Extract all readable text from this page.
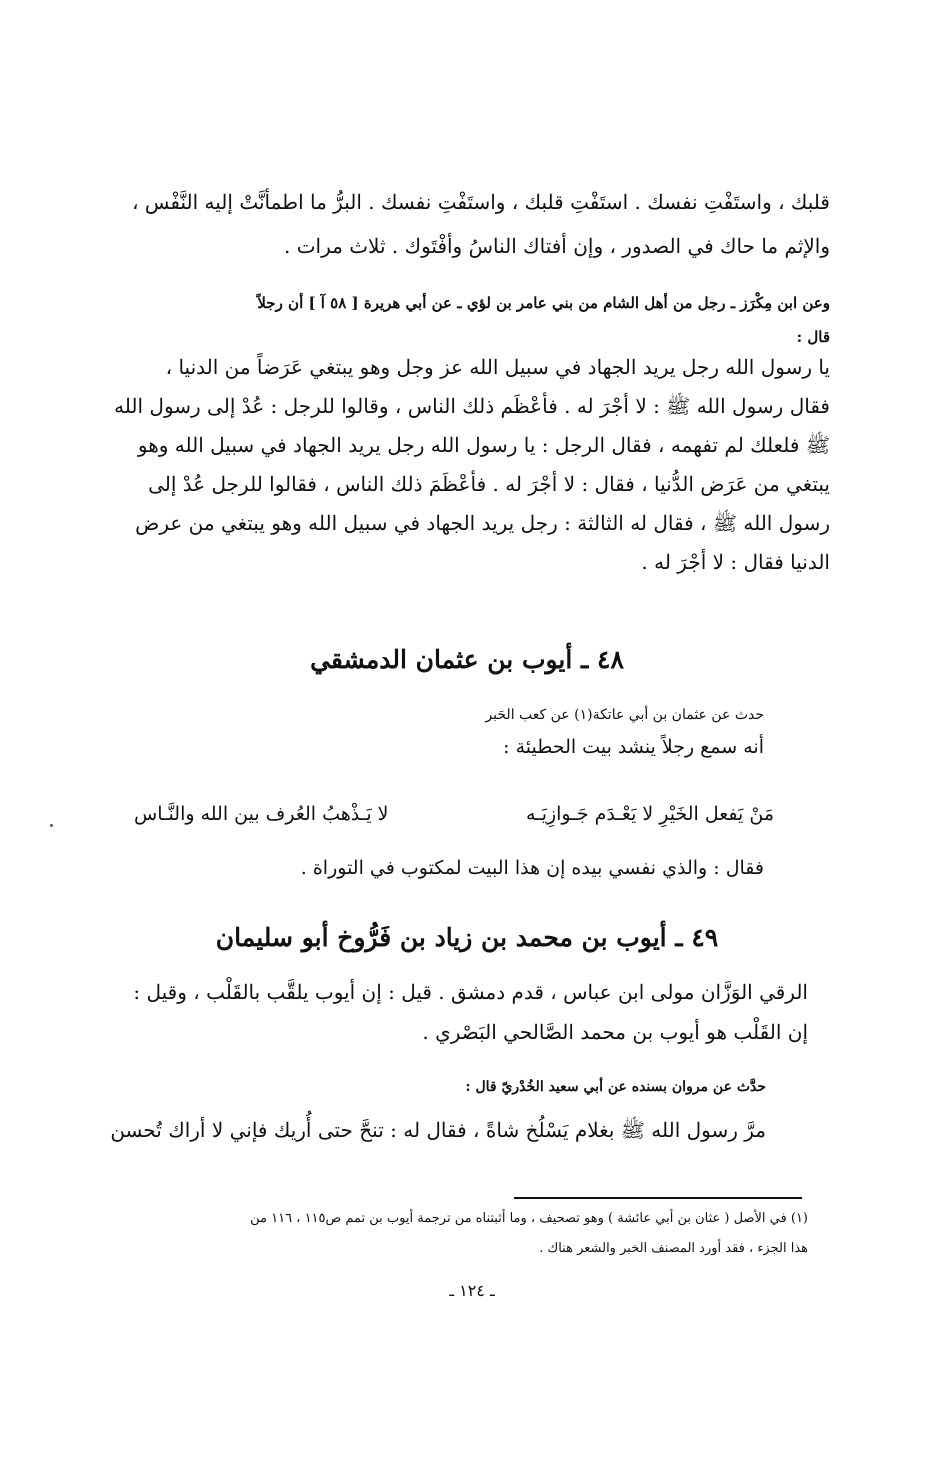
قلبك ، واستَفْتِ نفسك . استَفْتِ قلبك ، واستَفْتِ نفسك . البرُّ ما اطمأنَّتْ إليه النَّفْس ،
والإثم ما حاك في الصدور ، وإن أفتاك الناسُ وأفْتَوك . ثلاث مرات .
وعن ابن مِكْرَز ـ رجل من أهل الشام من بني عامر بن لؤي ـ عن أبي هريرة [ ٥٨ آ ] أن رجلاً
قال :
يا رسول الله رجل يريد الجهاد في سبيل الله عز وجل وهو يبتغي عَرَضاً من الدنيا ،
فقال رسول الله ﷺ : لا أجْرَ له . فأعْظَم ذلك الناس ، وقالوا للرجل : عُدْ إلى رسول الله
ﷺ فلعلك لم تفهمه ، فقال الرجل : يا رسول الله رجل يريد الجهاد في سبيل الله وهو
يبتغي من عَرَض الدُّنيا ، فقال : لا أجْرَ له . فأعْظَمَ ذلك الناس ، فقالوا للرجل عُدْ إلى
رسول الله ﷺ ، فقال له الثالثة : رجل يريد الجهاد في سبيل الله وهو يبتغي من عرض
الدنيا فقال : لا أجْرَ له .
٤٨ ـ أيوب بن عثمان الدمشقي
حدث عن عثمان بن أبي عاتكة(١) عن كعب الحَبر
أنه سمع رجلاً ينشد بيت الحطيئة :
مَنْ يَفعل الخَيْرِ لا يَعْـدَم جَـوازِيَـه
لا يَـذْهبُ العُرف بين الله والنَّـاس
فقال : والذي نفسي بيده إن هذا البيت لمكتوب في التوراة .
٤٩ ـ أيوب بن محمد بن زياد بن فَرُّوخ أبو سليمان
الرقي الوَزَّان مولى ابن عباس ، قدم دمشق . قيل : إن أيوب يلقَّب بالقَلْب ، وقيل :
إن القَلْب هو أيوب بن محمد الصَّالحي البَصْري .
حدَّث عن مروان بسنده عن أبي سعيد الخُدْريّ قال :
مرَّ رسول الله ﷺ بغلام يَسْلُخ شاةً ، فقال له : تنحَّ حتى أُريك فإني لا أراك تُحسن
(١) في الأصل ( عثان بن أبي عائشة ) وهو تصحيف ، وما أثبتناه من ترجمة أيوب بن تمم ص١١٥ ، ١١٦ من
هذا الجزء ، فقد أورد المصنف الخبر والشعر هناك .
ـ ١٢٤ ـ
